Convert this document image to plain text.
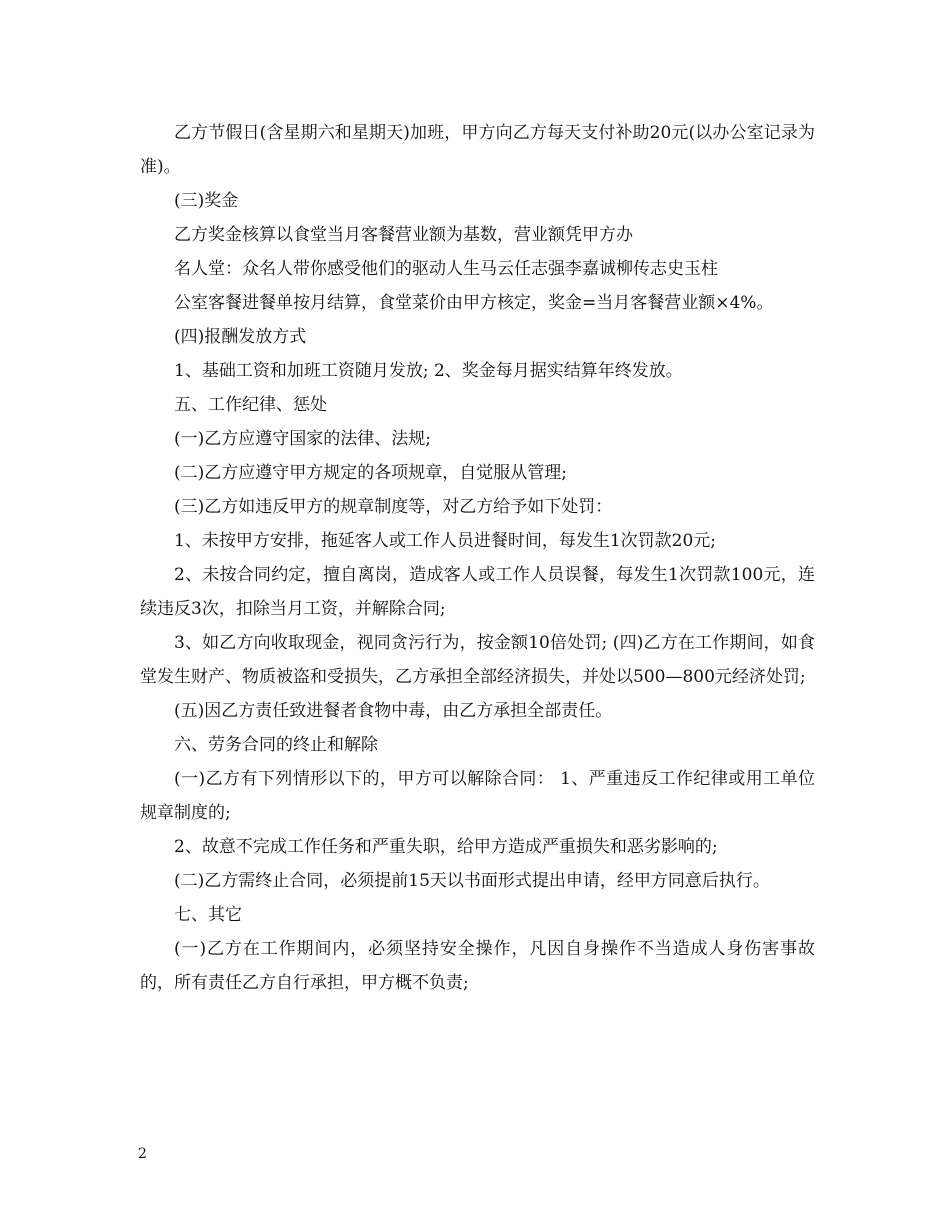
乙方节假日(含星期六和星期天)加班，甲方向乙方每天支付补助20元(以办公室记录为准)。

(三)奖金

乙方奖金核算以食堂当月客餐营业额为基数，营业额凭甲方办

名人堂：众名人带你感受他们的驱动人生马云任志强李嘉诚柳传志史玉柱

公室客餐进餐单按月结算，食堂菜价由甲方核定，奖金=当月客餐营业额×4%。

(四)报酬发放方式

1、基础工资和加班工资随月发放; 2、奖金每月据实结算年终发放。

五、工作纪律、惩处

(一)乙方应遵守国家的法律、法规;

(二)乙方应遵守甲方规定的各项规章，自觉服从管理;

(三)乙方如违反甲方的规章制度等，对乙方给予如下处罚：

1、未按甲方安排，拖延客人或工作人员进餐时间，每发生1次罚款20元;

2、未按合同约定，擅自离岗，造成客人或工作人员误餐，每发生1次罚款100元，连续违反3次，扣除当月工资，并解除合同;

3、如乙方向收取现金，视同贪污行为，按金额10倍处罚; (四)乙方在工作期间，如食堂发生财产、物质被盗和受损失，乙方承担全部经济损失，并处以500—800元经济处罚;

(五)因乙方责任致进餐者食物中毒，由乙方承担全部责任。

六、劳务合同的终止和解除

(一)乙方有下列情形以下的，甲方可以解除合同： 1、严重违反工作纪律或用工单位规章制度的;

2、故意不完成工作任务和严重失职，给甲方造成严重损失和恶劣影响的;

(二)乙方需终止合同，必须提前15天以书面形式提出申请，经甲方同意后执行。

七、其它

(一)乙方在工作期间内，必须坚持安全操作，凡因自身操作不当造成人身伤害事故的，所有责任乙方自行承担，甲方概不负责;

2
